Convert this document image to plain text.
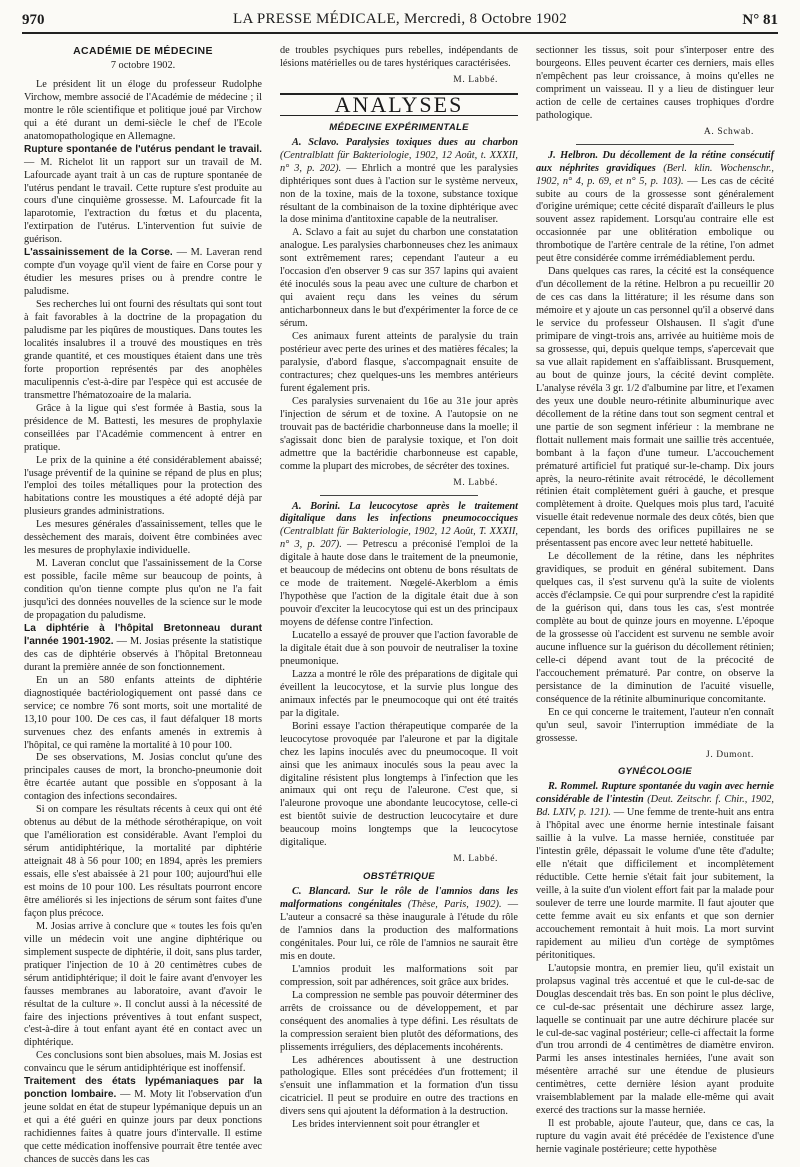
970	LA PRESSE MÉDICALE, Mercredi, 8 Octobre 1902	N° 81
ACADÉMIE DE MÉDECINE
7 octobre 1902.

Le président lit un éloge du professeur Rudolphe Virchow, membre associé de l'Académie de médecine ; il montre le rôle scientifique et politique joué par Virchow qui a été durant un demi-siècle le chef de l'Ecole anatomopathologique en Allemagne.

Rupture spontanée de l'utérus pendant le travail. — M. Richelot lit un rapport sur un travail de M. Lafourcade ayant trait à un cas de rupture spontanée de l'utérus pendant le travail. Cette rupture s'est produite au cours d'une cinquième grossesse. M. Lafourcade fit la laparotomie, l'extraction du fœtus et du placenta, l'extirpation de l'utérus. L'intervention fut suivie de guérison.

L'assainissement de la Corse. — M. Laveran rend compte d'un voyage qu'il vient de faire en Corse pour y étudier les mesures prises ou à prendre contre le paludisme.

Ses recherches lui ont fourni des résultats qui sont tout à fait favorables à la doctrine de la propagation du paludisme par les piqûres de moustiques. Dans toutes les localités insalubres il a trouvé des moustiques en très grande quantité, et ces moustiques étaient dans une très forte proportion représentés par des anophèles maculipennis c'est-à-dire par l'espèce qui est accusée de transmettre l'hématozoaire de la malaria.

Grâce à la ligue qui s'est formée à Bastia, sous la présidence de M. Battesti, les mesures de prophylaxie conseillées par l'Académie commencent à entrer en pratique.

Le prix de la quinine a été considérablement abaissé; l'usage préventif de la quinine se répand de plus en plus; l'emploi des toiles métalliques pour la protection des habitations contre les moustiques a été adopté déjà par plusieurs grandes administrations.

Les mesures générales d'assainissement, telles que le dessèchement des marais, doivent être combinées avec les mesures de prophylaxie individuelle.

M. Laveran conclut que l'assainissement de la Corse est possible, facile même sur beaucoup de points, à condition qu'on tienne compte plus qu'on ne l'a fait jusqu'ici des données nouvelles de la science sur le mode de propagation du paludisme.

La diphtérie à l'hôpital Bretonneau durant l'année 1901-1902. — M. Josias présente la statistique des cas de diphtérie observés à l'hôpital Bretonneau durant la première année de son fonctionnement.

En un an 580 enfants atteints de diphtérie diagnostiquée bactériologiquement ont passé dans ce service; ce nombre 76 sont morts, soit une mortalité de 13,10 pour 100. De ces cas, il faut défalquer 18 morts survenues chez des enfants amenés in extremis à l'hôpital, ce qui ramène la mortalité à 10 pour 100.

De ses observations, M. Josias conclut qu'une des principales causes de mort, la broncho-pneumonie doit être écartée autant que possible en s'opposant à la contagion des infections secondaires.

Si on compare les résultats récents à ceux qui ont été obtenus au début de la méthode sérothérapique, on voit que l'amélioration est considérable. Avant l'emploi du sérum antidiphtérique, la mortalité par diphtérie atteignait 48 à 56 pour 100; en 1894, après les premiers essais, elle s'est abaissée à 21 pour 100; aujourd'hui elle est moins de 10 pour 100. Les résultats pourront encore être améliorés si les injections de sérum sont faites d'une façon plus précoce.

M. Josias arrive à conclure que « toutes les fois qu'en ville un médecin voit une angine diphtérique ou simplement suspecte de diphtérie, il doit, sans plus tarder, pratiquer l'injection de 10 à 20 centimètres cubes de sérum antidiphtérique; il doit le faire avant d'envoyer les fausses membranes au laboratoire, avant d'avoir le résultat de la culture ». Il conclut aussi à la nécessité de faire des injections préventives à tout enfant suspect, c'est-à-dire à tout enfant ayant été en contact avec un diphtérique.

Ces conclusions sont bien absolues, mais M. Josias est convaincu que le sérum antidiphtérique est inoffensif.

Traitement des états lypémaniaques par la ponction lombaire. — M. Moty lit l'observation d'un jeune soldat en état de stupeur lypémanique depuis un an et qui a été guéri en quinze jours par deux ponctions rachidiennes faites à quatre jours d'intervalle. Il estime que cette médication inoffensive pourrait être tentée avec chances de succès dans les cas

de troubles psychiques purs rebelles, indépendants de lésions matérielles ou de tares hystériques caractérisées.

M. Labbé.
ANALYSES
MÉDECINE EXPÉRIMENTALE

A. Sclavo. Paralysies toxiques dues au charbon (Centralblatt für Bakteriologie, 1902, 12 Août, t. XXXII, n° 3, p. 202). — Ehrlich a montré que les paralysies diphtériques sont dues à l'action sur le système nerveux, non de la toxine, mais de la toxone, substance toxique résultant de la combinaison de la toxine diphtérique avec la dose minima d'antitoxine capable de la neutraliser.

A. Sclavo a fait au sujet du charbon une constatation analogue. Les paralysies charbonneuses chez les animaux sont extrêmement rares; cependant l'auteur a eu l'occasion d'en observer 9 cas sur 357 lapins qui avaient été inoculés sous la peau avec une culture de charbon et qui avaient reçu dans les veines du sérum anticharbonneux dans le but d'expérimenter la force de ce sérum.

Ces animaux furent atteints de paralysie du train postérieur avec perte des urines et des matières fécales; la paralysie, d'abord flasque, s'accompagnait ensuite de contractures; chez quelques-uns les membres antérieurs furent également pris.

Ces paralysies survenaient du 16e au 31e jour après l'injection de sérum et de toxine. A l'autopsie on ne trouvait pas de bactéridie charbonneuse dans la moelle; il s'agissait donc bien de paralysie toxique, et l'on doit admettre que la bactéridie charbonneuse est capable, comme la plupart des microbes, de sécréter des toxines.

M. Labbé.

A. Borini. La leucocytose après le traitement digitalique dans les infections pneumococciques (Centralblatt für Bakteriologie, 1902, 12 Août, T. XXXII, n° 3, p. 207). — Petrescu a préconisé l'emploi de la digitale à haute dose dans le traitement de la pneumonie, et beaucoup de médecins ont obtenu de bons résultats de ce mode de traitement. Nœgelé-Akerblom a émis l'hypothèse que l'action de la digitale était due à son pouvoir d'exciter la leucocytose qui est un des principaux moyens de défense contre l'infection.

Lucatello a essayé de prouver que l'action favorable de la digitale était due à son pouvoir de neutraliser la toxine pneumonique.

Lazza a montré le rôle des préparations de digitale qui éveillent la leucocytose, et la survie plus longue des animaux infectés par le pneumocoque qui ont été traités par la digitale.

Borini essaye l'action thérapeutique comparée de la leucocytose provoquée par l'aleurone et par la digitale chez les lapins inoculés avec du pneumocoque. Il voit ainsi que les animaux inoculés sous la peau avec la digitaline résistent plus longtemps à l'infection que les animaux qui ont reçu de l'aleurone. C'est que, si l'aleurone provoque une abondante leucocytose, celle-ci est bientôt suivie de destruction leucocytaire et dure beaucoup moins longtemps que la leucocytose digitalique.

M. Labbé.
OBSTÉTRIQUE

C. Blancard. Sur le rôle de l'amnios dans les malformations congénitales (Thèse, Paris, 1902). — L'auteur a consacré sa thèse inaugurale à l'étude du rôle de l'amnios dans la production des malformations congénitales. Pour lui, ce rôle de l'amnios ne saurait être mis en doute.

L'amnios produit les malformations soit par compression, soit par adhérences, soit grâce aux brides.

La compression ne semble pas pouvoir déterminer des arrêts de croissance ou de développement, et par conséquent des anomalies à type défini. Les résultats de la compression seraient bien plutôt des déformations, des plissements irréguliers, des déplacements incohérents.

Les adhérences aboutissent à une destruction pathologique. Elles sont précédées d'un frottement; il s'ensuit une inflammation et la formation d'un tissu cicatriciel. Il peut se produire en outre des tractions en divers sens qui ajoutent la déformation à la destruction.

Les brides interviennent soit pour étrangler et

sectionner les tissus, soit pour s'interposer entre des bourgeons. Elles peuvent écarter ces derniers, mais elles n'empêchent pas leur croissance, à moins qu'elles ne compriment un vaisseau. Il y a lieu de distinguer leur action de celle de certaines causes trophiques d'ordre pathologique.

A. Schwab.

J. Helbron. Du décollement de la rétine consécutif aux néphrites gravidiques (Berl. klin. Wochenschr., 1902, n° 4, p. 69, et n° 5, p. 103). — Les cas de cécité subite au cours de la grossesse sont généralement d'origine urémique; cette cécité disparaît d'ailleurs le plus souvent assez rapidement. Lorsqu'au contraire elle est occasionnée par une oblitération embolique ou thrombotique de l'artère centrale de la rétine, l'on admet peut être considérée comme irrémédiablement perdu.

Dans quelques cas rares, la cécité est la conséquence d'un décollement de la rétine. Helbron a pu recueillir 20 de ces cas dans la littérature; il les résume dans son mémoire et y ajoute un cas personnel qu'il a observé dans le service du professeur Olshausen. Il s'agit d'une primipare de vingt-trois ans, arrivée au huitième mois de sa grossesse, qui, depuis quelque temps, s'apercevait que sa vue allait rapidement en s'affaiblissant. Brusquement, au bout de quinze jours, la cécité devint complète. L'analyse révéla 3 gr. 1/2 d'albumine par litre, et l'examen des yeux une double neuro-rétinite albuminurique avec décollement de la rétine dans tout son segment central et une partie de son segment inférieur : la membrane ne flottait nullement mais formait une saillie très accentuée, bombant à la façon d'une tumeur. L'accouchement prématuré artificiel fut pratiqué sur-le-champ. Dix jours après, la neuro-rétinite avait rétrocédé, le décollement rétinien était complètement guéri à gauche, et presque complètement à droite. Quelques mois plus tard, l'acuité visuelle était redevenue normale des deux côtés, bien que cependant, les bords des orifices pupillaires ne se présentassent pas encore avec leur netteté habituelle.

Le décollement de la rétine, dans les néphrites gravidiques, se produit en général subitement. Dans quelques cas, il s'est survenu qu'à la suite de violents accès d'éclampsie. Ce qui pour surprendre c'est la rapidité de la guérison qui, dans tous les cas, s'est montrée complète au bout de quinze jours en moyenne. L'époque de la grossesse où l'accident est survenu ne semble avoir aucune influence sur la guérison du décollement rétinien; celle-ci dépend avant tout de la précocité de l'accouchement prématuré. Par contre, on observe la persistance de la diminution de l'acuité visuelle, conséquence de la rétinite albuminurique concomitante.

En ce qui concerne le traitement, l'auteur n'en connaît qu'un seul, savoir l'interruption immédiate de la grossesse.

J. Dumont.
GYNÉCOLOGIE

R. Rommel. Rupture spontanée du vagin avec hernie considérable de l'intestin (Deut. Zeitschr. f. Chir., 1902, Bd. LXIV, p. 121). — Une femme de trente-huit ans entra à l'hôpital avec une énorme hernie intestinale faisant saillie à la vulve. La masse herniée, constituée par l'intestin grêle, dépassait le volume d'une tête d'adulte; elle n'était que difficilement et incomplètement réductible. Cette hernie s'était fait jour subitement, la veille, à la suite d'un violent effort fait par la malade pour soulever de terre une lourde marmite. Il faut ajouter que cette femme avait eu six enfants et que son dernier accouchement remontait à huit mois. La mort survint rapidement au milieu d'un cortège de symptômes péritonitiques.

L'autopsie montra, en premier lieu, qu'il existait un prolapsus vaginal très accentué et que le cul-de-sac de Douglas descendait très bas. En son point le plus déclive, ce cul-de-sac présentait une déchirure assez large, laquelle se continuait par une autre déchirure placée sur le cul-de-sac vaginal postérieur; celle-ci affectait la forme d'un trou arrondi de 4 centimètres de diamètre environ. Parmi les anses intestinales herniées, l'une avait son mésentère arraché sur une étendue de plusieurs centimètres, cette dernière lésion ayant produite vraisemblablement par la malade elle-même qui avait exercé des tractions sur la masse herniée.

Il est probable, ajoute l'auteur, que, dans ce cas, la rupture du vagin avait été précédée de l'existence d'une hernie vaginale postérieure; cette hypothèse
